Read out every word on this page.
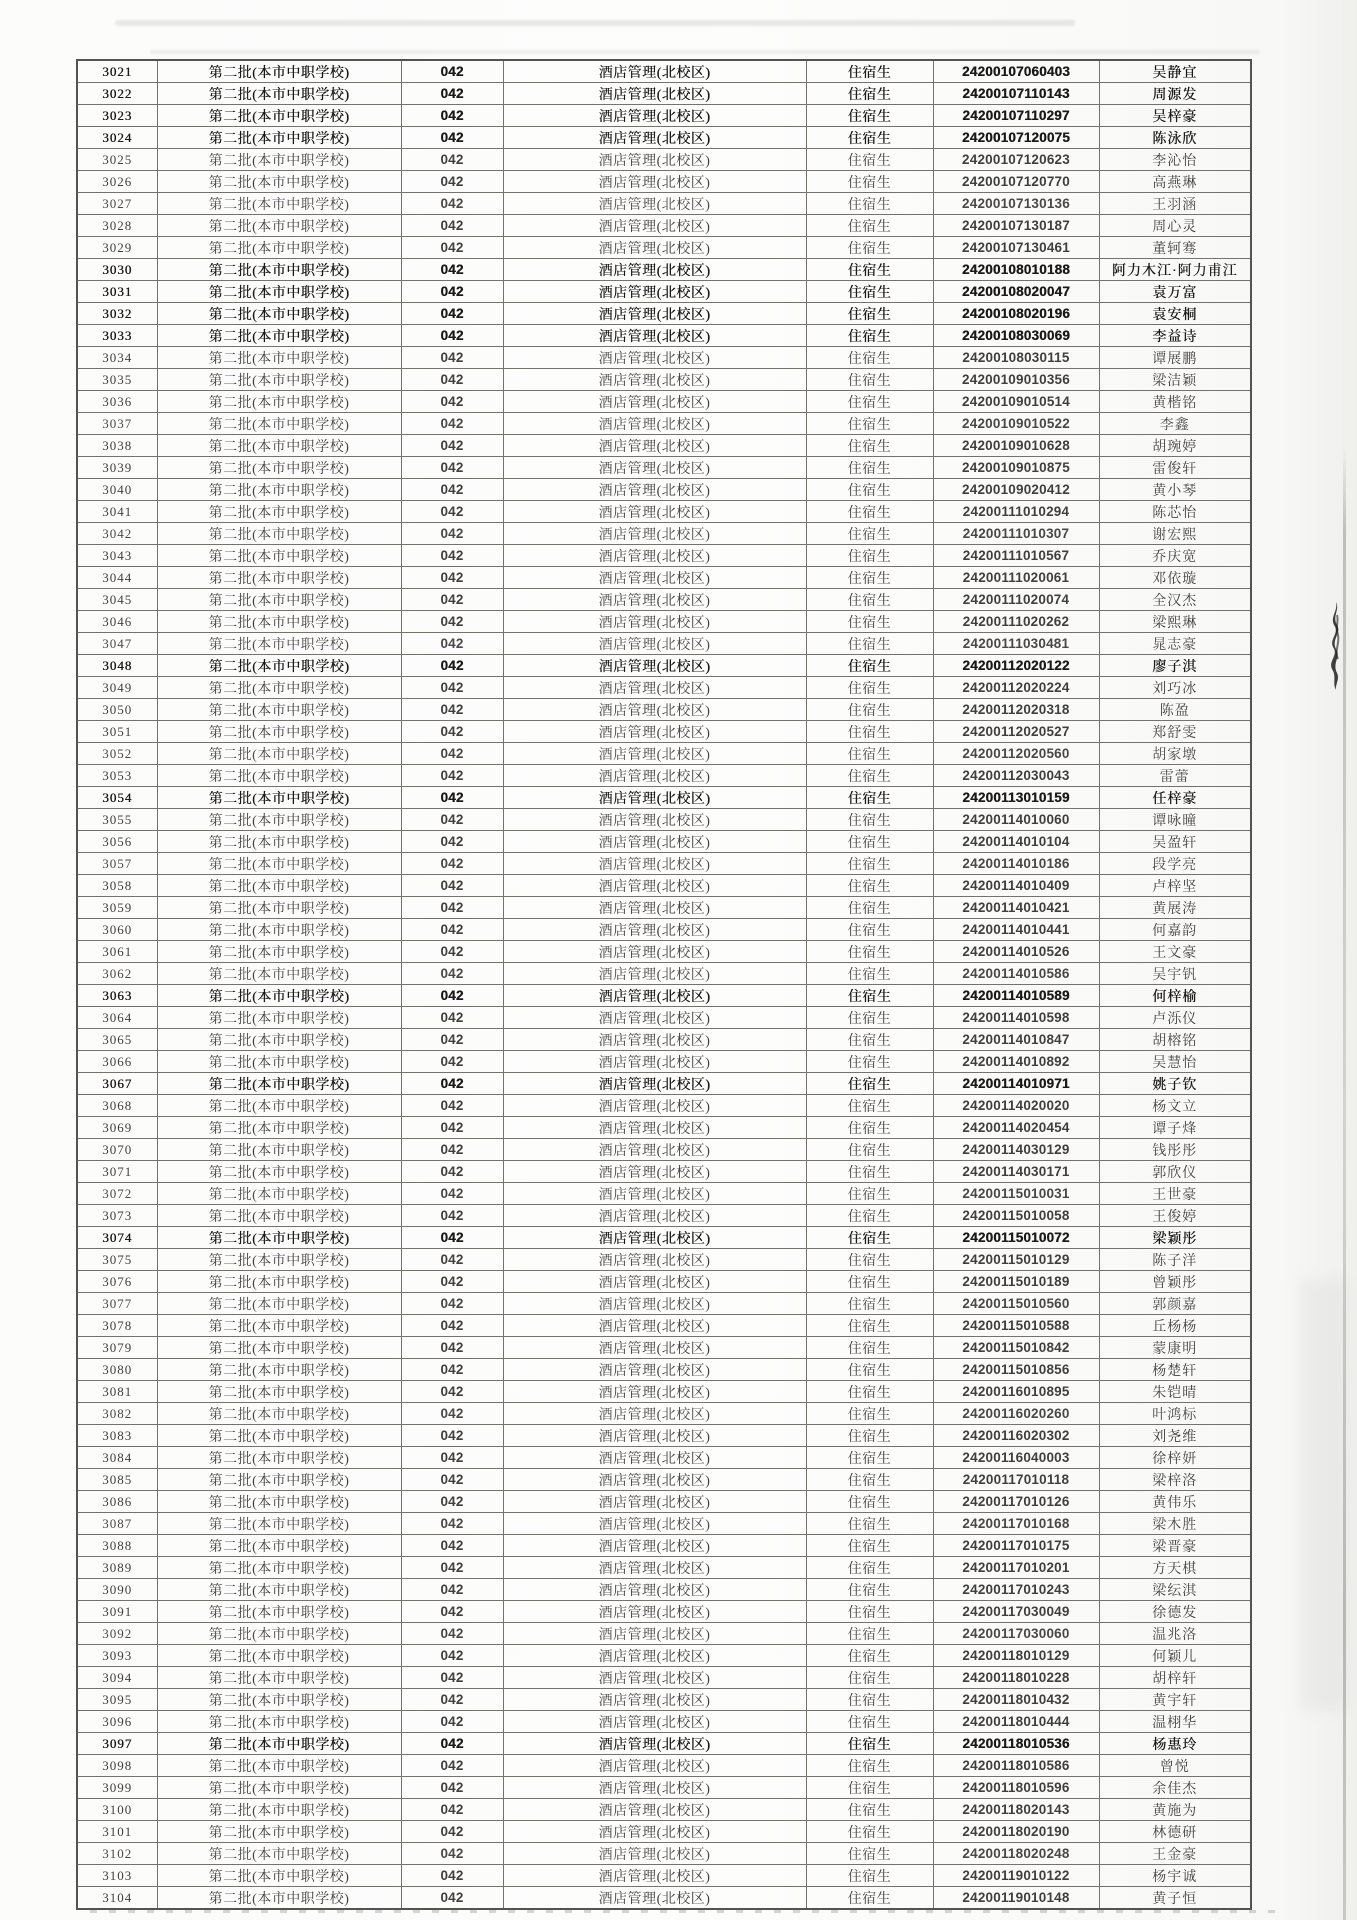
3021	第二批(本市中职学校)	042	酒店管理(北校区)	住宿生	24200107060403	吴静宜
3022	第二批(本市中职学校)	042	酒店管理(北校区)	住宿生	24200107110143	周源发
3023	第二批(本市中职学校)	042	酒店管理(北校区)	住宿生	24200107110297	吴梓豪
3024	第二批(本市中职学校)	042	酒店管理(北校区)	住宿生	24200107120075	陈泳欣
3025	第二批(本市中职学校)	042	酒店管理(北校区)	住宿生	24200107120623	李沁怡
3026	第二批(本市中职学校)	042	酒店管理(北校区)	住宿生	24200107120770	高燕琳
3027	第二批(本市中职学校)	042	酒店管理(北校区)	住宿生	24200107130136	王羽涵
3028	第二批(本市中职学校)	042	酒店管理(北校区)	住宿生	24200107130187	周心灵
3029	第二批(本市中职学校)	042	酒店管理(北校区)	住宿生	24200107130461	董轲骞
3030	第二批(本市中职学校)	042	酒店管理(北校区)	住宿生	24200108010188	阿力木江·阿力甫江
3031	第二批(本市中职学校)	042	酒店管理(北校区)	住宿生	24200108020047	袁万富
3032	第二批(本市中职学校)	042	酒店管理(北校区)	住宿生	24200108020196	袁安桐
3033	第二批(本市中职学校)	042	酒店管理(北校区)	住宿生	24200108030069	李益诗
3034	第二批(本市中职学校)	042	酒店管理(北校区)	住宿生	24200108030115	谭展鹏
3035	第二批(本市中职学校)	042	酒店管理(北校区)	住宿生	24200109010356	梁洁颖
3036	第二批(本市中职学校)	042	酒店管理(北校区)	住宿生	24200109010514	黄楷铭
3037	第二批(本市中职学校)	042	酒店管理(北校区)	住宿生	24200109010522	李鑫
3038	第二批(本市中职学校)	042	酒店管理(北校区)	住宿生	24200109010628	胡琬婷
3039	第二批(本市中职学校)	042	酒店管理(北校区)	住宿生	24200109010875	雷俊轩
3040	第二批(本市中职学校)	042	酒店管理(北校区)	住宿生	24200109020412	黄小琴
3041	第二批(本市中职学校)	042	酒店管理(北校区)	住宿生	24200111010294	陈芯怡
3042	第二批(本市中职学校)	042	酒店管理(北校区)	住宿生	24200111010307	谢宏熙
3043	第二批(本市中职学校)	042	酒店管理(北校区)	住宿生	24200111010567	乔庆宽
3044	第二批(本市中职学校)	042	酒店管理(北校区)	住宿生	24200111020061	邓依璇
3045	第二批(本市中职学校)	042	酒店管理(北校区)	住宿生	24200111020074	全汉杰
3046	第二批(本市中职学校)	042	酒店管理(北校区)	住宿生	24200111020262	梁熙琳
3047	第二批(本市中职学校)	042	酒店管理(北校区)	住宿生	24200111030481	晁志豪
3048	第二批(本市中职学校)	042	酒店管理(北校区)	住宿生	24200112020122	廖子淇
3049	第二批(本市中职学校)	042	酒店管理(北校区)	住宿生	24200112020224	刘巧冰
3050	第二批(本市中职学校)	042	酒店管理(北校区)	住宿生	24200112020318	陈盈
3051	第二批(本市中职学校)	042	酒店管理(北校区)	住宿生	24200112020527	郑舒雯
3052	第二批(本市中职学校)	042	酒店管理(北校区)	住宿生	24200112020560	胡家墩
3053	第二批(本市中职学校)	042	酒店管理(北校区)	住宿生	24200112030043	雷蕾
3054	第二批(本市中职学校)	042	酒店管理(北校区)	住宿生	24200113010159	任梓豪
3055	第二批(本市中职学校)	042	酒店管理(北校区)	住宿生	24200114010060	谭咏曈
3056	第二批(本市中职学校)	042	酒店管理(北校区)	住宿生	24200114010104	吴盈轩
3057	第二批(本市中职学校)	042	酒店管理(北校区)	住宿生	24200114010186	段学亮
3058	第二批(本市中职学校)	042	酒店管理(北校区)	住宿生	24200114010409	卢梓坚
3059	第二批(本市中职学校)	042	酒店管理(北校区)	住宿生	24200114010421	黄展涛
3060	第二批(本市中职学校)	042	酒店管理(北校区)	住宿生	24200114010441	何嘉韵
3061	第二批(本市中职学校)	042	酒店管理(北校区)	住宿生	24200114010526	王文豪
3062	第二批(本市中职学校)	042	酒店管理(北校区)	住宿生	24200114010586	吴宇钒
3063	第二批(本市中职学校)	042	酒店管理(北校区)	住宿生	24200114010589	何梓榆
3064	第二批(本市中职学校)	042	酒店管理(北校区)	住宿生	24200114010598	卢泺仪
3065	第二批(本市中职学校)	042	酒店管理(北校区)	住宿生	24200114010847	胡榕铭
3066	第二批(本市中职学校)	042	酒店管理(北校区)	住宿生	24200114010892	吴慧怡
3067	第二批(本市中职学校)	042	酒店管理(北校区)	住宿生	24200114010971	姚子钦
3068	第二批(本市中职学校)	042	酒店管理(北校区)	住宿生	24200114020020	杨文立
3069	第二批(本市中职学校)	042	酒店管理(北校区)	住宿生	24200114020454	谭子烽
3070	第二批(本市中职学校)	042	酒店管理(北校区)	住宿生	24200114030129	钱彤彤
3071	第二批(本市中职学校)	042	酒店管理(北校区)	住宿生	24200114030171	郭欣仪
3072	第二批(本市中职学校)	042	酒店管理(北校区)	住宿生	24200115010031	王世豪
3073	第二批(本市中职学校)	042	酒店管理(北校区)	住宿生	24200115010058	王俊婷
3074	第二批(本市中职学校)	042	酒店管理(北校区)	住宿生	24200115010072	梁颖彤
3075	第二批(本市中职学校)	042	酒店管理(北校区)	住宿生	24200115010129	陈子洋
3076	第二批(本市中职学校)	042	酒店管理(北校区)	住宿生	24200115010189	曾颖彤
3077	第二批(本市中职学校)	042	酒店管理(北校区)	住宿生	24200115010560	郭颜嘉
3078	第二批(本市中职学校)	042	酒店管理(北校区)	住宿生	24200115010588	丘杨杨
3079	第二批(本市中职学校)	042	酒店管理(北校区)	住宿生	24200115010842	蒙康明
3080	第二批(本市中职学校)	042	酒店管理(北校区)	住宿生	24200115010856	杨楚轩
3081	第二批(本市中职学校)	042	酒店管理(北校区)	住宿生	24200116010895	朱铠晴
3082	第二批(本市中职学校)	042	酒店管理(北校区)	住宿生	24200116020260	叶鸿标
3083	第二批(本市中职学校)	042	酒店管理(北校区)	住宿生	24200116020302	刘尧维
3084	第二批(本市中职学校)	042	酒店管理(北校区)	住宿生	24200116040003	徐梓妍
3085	第二批(本市中职学校)	042	酒店管理(北校区)	住宿生	24200117010118	梁梓洛
3086	第二批(本市中职学校)	042	酒店管理(北校区)	住宿生	24200117010126	黄伟乐
3087	第二批(本市中职学校)	042	酒店管理(北校区)	住宿生	24200117010168	梁木胜
3088	第二批(本市中职学校)	042	酒店管理(北校区)	住宿生	24200117010175	梁晋豪
3089	第二批(本市中职学校)	042	酒店管理(北校区)	住宿生	24200117010201	方天棋
3090	第二批(本市中职学校)	042	酒店管理(北校区)	住宿生	24200117010243	梁纭淇
3091	第二批(本市中职学校)	042	酒店管理(北校区)	住宿生	24200117030049	徐德发
3092	第二批(本市中职学校)	042	酒店管理(北校区)	住宿生	24200117030060	温兆洛
3093	第二批(本市中职学校)	042	酒店管理(北校区)	住宿生	24200118010129	何颖儿
3094	第二批(本市中职学校)	042	酒店管理(北校区)	住宿生	24200118010228	胡梓轩
3095	第二批(本市中职学校)	042	酒店管理(北校区)	住宿生	24200118010432	黄宇轩
3096	第二批(本市中职学校)	042	酒店管理(北校区)	住宿生	24200118010444	温栩华
3097	第二批(本市中职学校)	042	酒店管理(北校区)	住宿生	24200118010536	杨惠玲
3098	第二批(本市中职学校)	042	酒店管理(北校区)	住宿生	24200118010586	曾悦
3099	第二批(本市中职学校)	042	酒店管理(北校区)	住宿生	24200118010596	余佳杰
3100	第二批(本市中职学校)	042	酒店管理(北校区)	住宿生	24200118020143	黄施为
3101	第二批(本市中职学校)	042	酒店管理(北校区)	住宿生	24200118020190	林德研
3102	第二批(本市中职学校)	042	酒店管理(北校区)	住宿生	24200118020248	王金豪
3103	第二批(本市中职学校)	042	酒店管理(北校区)	住宿生	24200119010122	杨宇诚
3104	第二批(本市中职学校)	042	酒店管理(北校区)	住宿生	24200119010148	黄子恒
